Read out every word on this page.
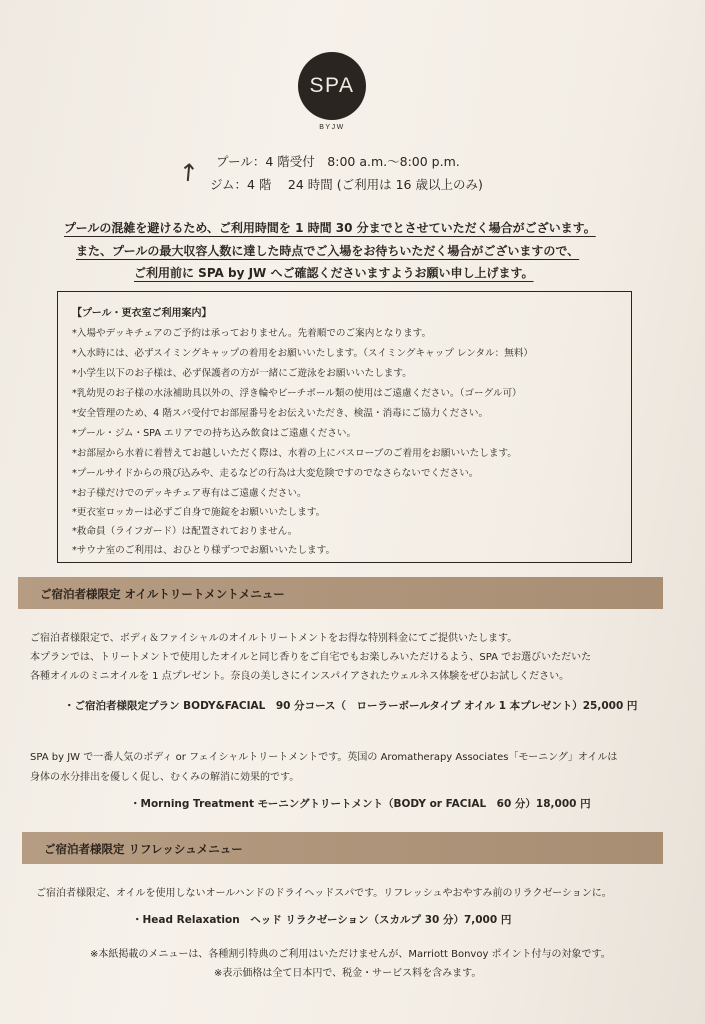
SPA
BYJW
↗ プール：4 階受付　8:00 a.m.～8:00 p.m.
ジム：4 階　 24 時間 (ご利用は 16 歳以上のみ)
プールの混雑を避けるため、ご利用時間を 1 時間 30 分までとさせていただく場合がございます。
また、プールの最大収容人数に達した時点でご入場をお待ちいただく場合がございますので、
ご利用前に SPA by JW へご確認くださいますようお願い申し上げます。
【プール・更衣室ご利用案内】
*入場やデッキチェアのご予約は承っておりません。先着順でのご案内となります。
*入水時には、必ずスイミングキャップの着用をお願いいたします。（スイミングキャップ レンタル：無料）
*小学生以下のお子様は、必ず保護者の方が一緒にご遊泳をお願いいたします。
*乳幼児のお子様の水泳補助具以外の、浮き輪やビーチボール類の使用はご遠慮ください。（ゴーグル可）
*安全管理のため、4 階スパ受付でお部屋番号をお伝えいただき、検温・消毒にご協力ください。
*プール・ジム・SPA エリアでの持ち込み飲食はご遠慮ください。
*お部屋から水着に着替えてお越しいただく際は、水着の上にバスローブのご着用をお願いいたします。
*プールサイドからの飛び込みや、走るなどの行為は大変危険ですのでなさらないでください。
*お子様だけでのデッキチェア専有はご遠慮ください。
*更衣室ロッカーは必ずご自身で施錠をお願いいたします。
*救命員（ライフガード）は配置されておりません。
*サウナ室のご利用は、おひとり様ずつでお願いいたします。
ご宿泊者様限定 オイルトリートメントメニュー
ご宿泊者様限定で、ボディ＆ファイシャルのオイルトリートメントをお得な特別料金にてご提供いたします。
本プランでは、トリートメントで使用したオイルと同じ香りをご自宅でもお楽しみいただけるよう、SPA でお選びいただいた
各種オイルのミニオイルを 1 点プレゼント。奈良の美しさにインスパイアされたウェルネス体験をぜひお試しください。
・ご宿泊者様限定プラン BODY&FACIAL　90 分コース（　ローラーボールタイプ オイル 1 本プレゼント）25,000 円
SPA by JW で一番人気のボディ or フェイシャルトリートメントです。英国の Aromatherapy Associates「モーニング」オイルは
身体の水分排出を優しく促し、むくみの解消に効果的です。
・Morning Treatment モーニングトリートメント（BODY or FACIAL　60 分）18,000 円
ご宿泊者様限定 リフレッシュメニュー
ご宿泊者様限定、オイルを使用しないオールハンドのドライヘッドスパです。リフレッシュやおやすみ前のリラクゼーションに。
・Head Relaxation　ヘッド リラクゼーション（スカルプ 30 分）7,000 円
※本紙掲載のメニューは、各種割引特典のご利用はいただけませんが、Marriott Bonvoy ポイント付与の対象です。
※表示価格は全て日本円で、税金・サービス料を含みます。
